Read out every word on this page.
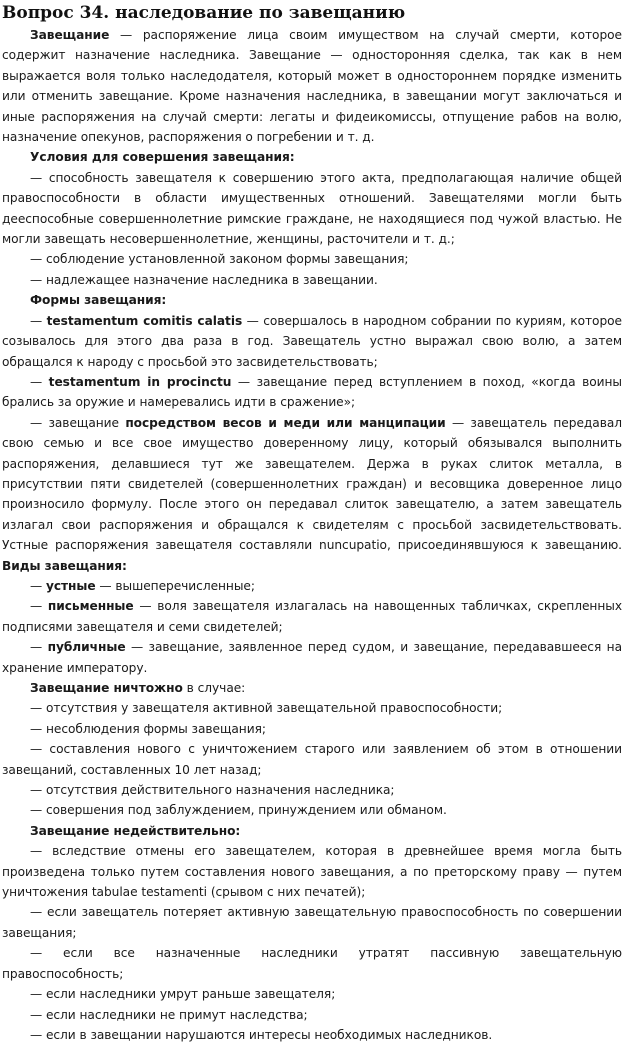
Вопрос 34. наследование по завещанию

Завещание — распоряжение лица своим имуществом на случай смерти, которое содержит назначение наследника. Завещание — односторонняя сделка, так как в нем выражается воля только наследодателя, который может в одностороннем порядке изменить или отменить завещание. Кроме назначения наследника, в завещании могут заключаться и иные распоряжения на случай смерти: легаты и фидеикомиссы, отпущение рабов на волю, назначение опекунов, распоряжения о погребении и т. д.

Условия для совершения завещания:

— способность завещателя к совершению этого акта, предполагающая наличие общей правоспособности в области имущественных отношений. Завещателями могли быть дееспособные совершеннолетние римские граждане, не находящиеся под чужой властью. Не могли завещать несовершеннолетние, женщины, расточители и т. д.;

— соблюдение установленной законом формы завещания;

— надлежащее назначение наследника в завещании.

Формы завещания:

— testamentum comitis calatis — совершалось в народном собрании по куриям, которое созывалось для этого два раза в год. Завещатель устно выражал свою волю, а затем обращался к народу с просьбой это засвидетельствовать;

— testamentum in procinctu — завещание перед вступлением в поход, «когда воины брались за оружие и намеревались идти в сражение»;

— завещание посредством весов и меди или манципации — завещатель передавал свою семью и все свое имущество доверенному лицу, который обязывался выполнить распоряжения, делавшиеся тут же завещателем. Держа в руках слиток металла, в присутствии пяти свидетелей (совершеннолетних граждан) и весовщика доверенное лицо произносило формулу. После этого он передавал слиток завещателю, а затем завещатель излагал свои распоряжения и обращался к свидетелям с просьбой засвидетельствовать. Устные распоряжения завещателя составляли nuncupatio, присоединявшуюся к завещанию. Виды завещания:

— устные — вышеперечисленные;

— письменные — воля завещателя излагалась на навощенных табличках, скрепленных подписями завещателя и семи свидетелей;

— публичные — завещание, заявленное перед судом, и завещание, передававшееся на хранение императору.

Завещание ничтожно в случае:

— отсутствия у завещателя активной завещательной правоспособности;

— несоблюдения формы завещания;

— составления нового с уничтожением старого или заявлением об этом в отношении завещаний, составленных 10 лет назад;

— отсутствия действительного назначения наследника;

— совершения под заблуждением, принуждением или обманом.

Завещание недействительно:

— вследствие отмены его завещателем, которая в древнейшее время могла быть произведена только путем составления нового завещания, а по преторскому праву — путем уничтожения tabulae testamenti (срывом с них печатей);

— если завещатель потеряет активную завещательную правоспособность по совершении завещания;

— если все назначенные наследники утратят пассивную завещательную правоспособность;

— если наследники умрут раньше завещателя;

— если наследники не примут наследства;

— если в завещании нарушаются интересы необходимых наследников.
